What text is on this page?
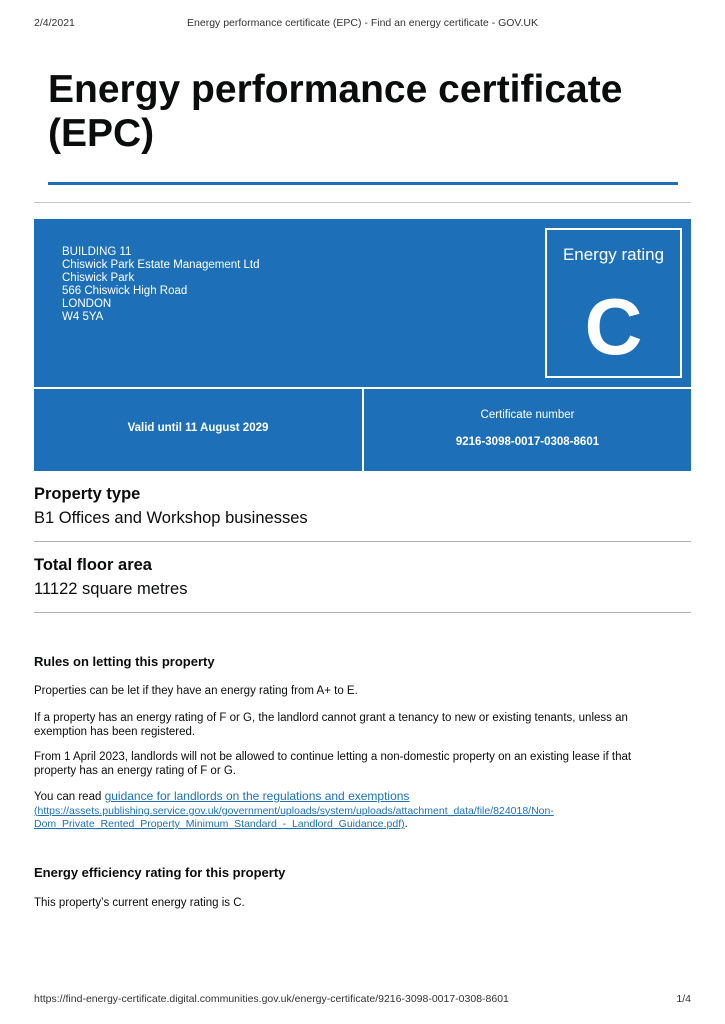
2/4/2021	Energy performance certificate (EPC) - Find an energy certificate - GOV.UK
Energy performance certificate
(EPC)
BUILDING 11
Chiswick Park Estate Management Ltd
Chiswick Park
566 Chiswick High Road
LONDON
W4 5YA
Energy rating
C
Valid until 11 August 2029
Certificate number
9216-3098-0017-0308-8601
Property type
B1 Offices and Workshop businesses
Total floor area
11122 square metres
Rules on letting this property
Properties can be let if they have an energy rating from A+ to E.
If a property has an energy rating of F or G, the landlord cannot grant a tenancy to new or existing tenants, unless an
exemption has been registered.
From 1 April 2023, landlords will not be allowed to continue letting a non-domestic property on an existing lease if that
property has an energy rating of F or G.
You can read guidance for landlords on the regulations and exemptions
(https://assets.publishing.service.gov.uk/government/uploads/system/uploads/attachment_data/file/824018/Non-
Dom_Private_Rented_Property_Minimum_Standard_-_Landlord_Guidance.pdf).
Energy efficiency rating for this property
This property’s current energy rating is C.
https://find-energy-certificate.digital.communities.gov.uk/energy-certificate/9216-3098-0017-0308-8601	1/4
